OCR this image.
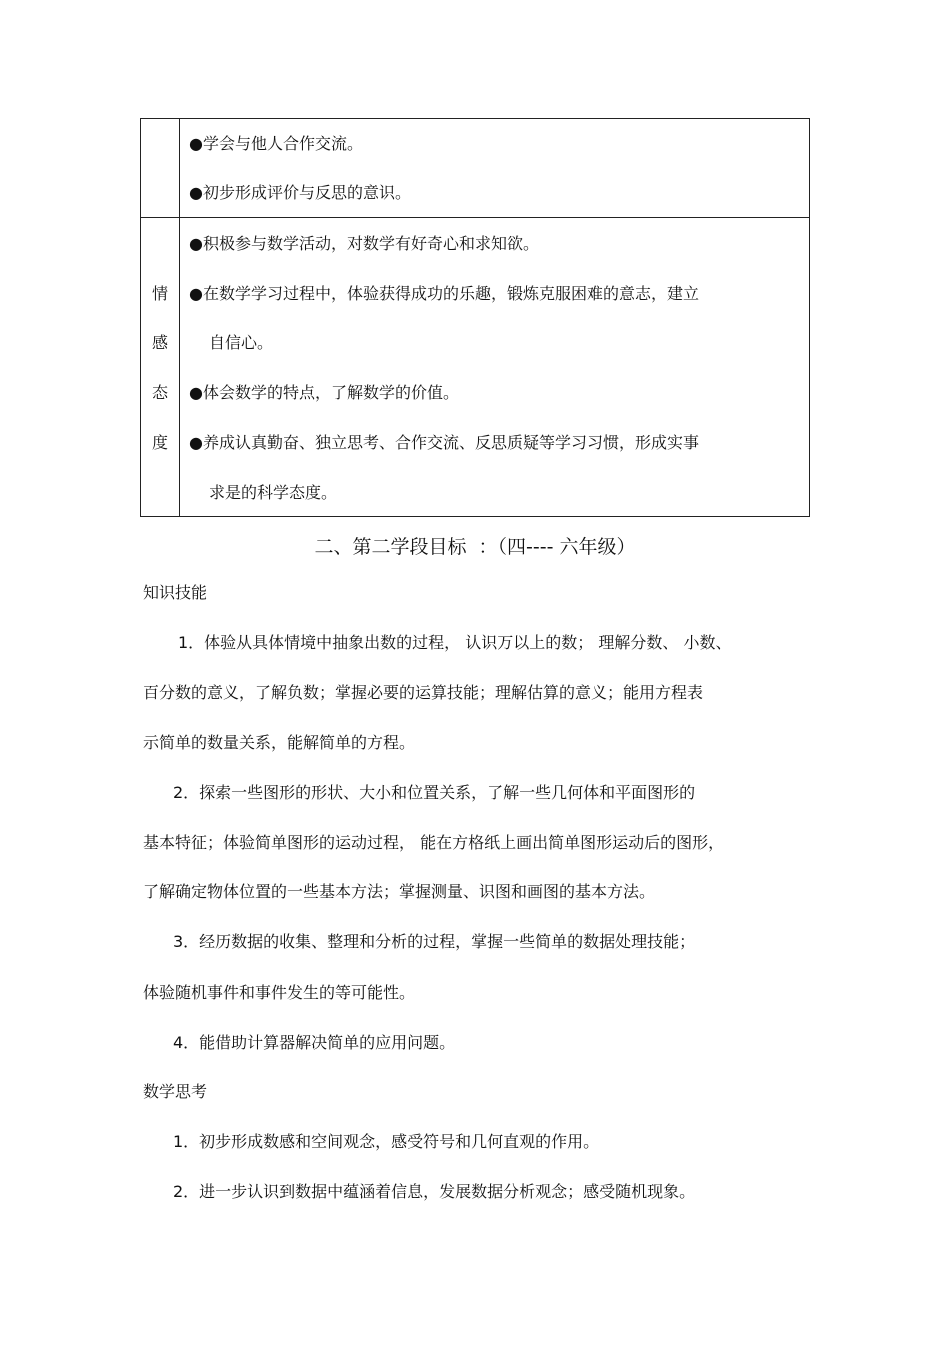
●学会与他人合作交流。
●初步形成评价与反思的意识。
情
感
态
度
●积极参与数学活动，对数学有好奇心和求知欲。
●在数学学习过程中，体验获得成功的乐趣，锻炼克服困难的意志，建立
自信心。
●体会数学的特点，了解数学的价值。
●养成认真勤奋、独立思考、合作交流、反思质疑等学习习惯，形成实事
求是的科学态度。
二、第二学段目标  ：（四---- 六年级）
知识技能
1．体验从具体情境中抽象出数的过程， 认识万以上的数； 理解分数、 小数、
百分数的意义，了解负数；掌握必要的运算技能；理解估算的意义；能用方程表
示简单的数量关系，能解简单的方程。
2．探索一些图形的形状、大小和位置关系，了解一些几何体和平面图形的
基本特征；体验简单图形的运动过程， 能在方格纸上画出简单图形运动后的图形，
了解确定物体位置的一些基本方法；掌握测量、识图和画图的基本方法。
3．经历数据的收集、整理和分析的过程，掌握一些简单的数据处理技能；
体验随机事件和事件发生的等可能性。
4．能借助计算器解决简单的应用问题。
数学思考
1．初步形成数感和空间观念，感受符号和几何直观的作用。
2．进一步认识到数据中蕴涵着信息，发展数据分析观念；感受随机现象。
